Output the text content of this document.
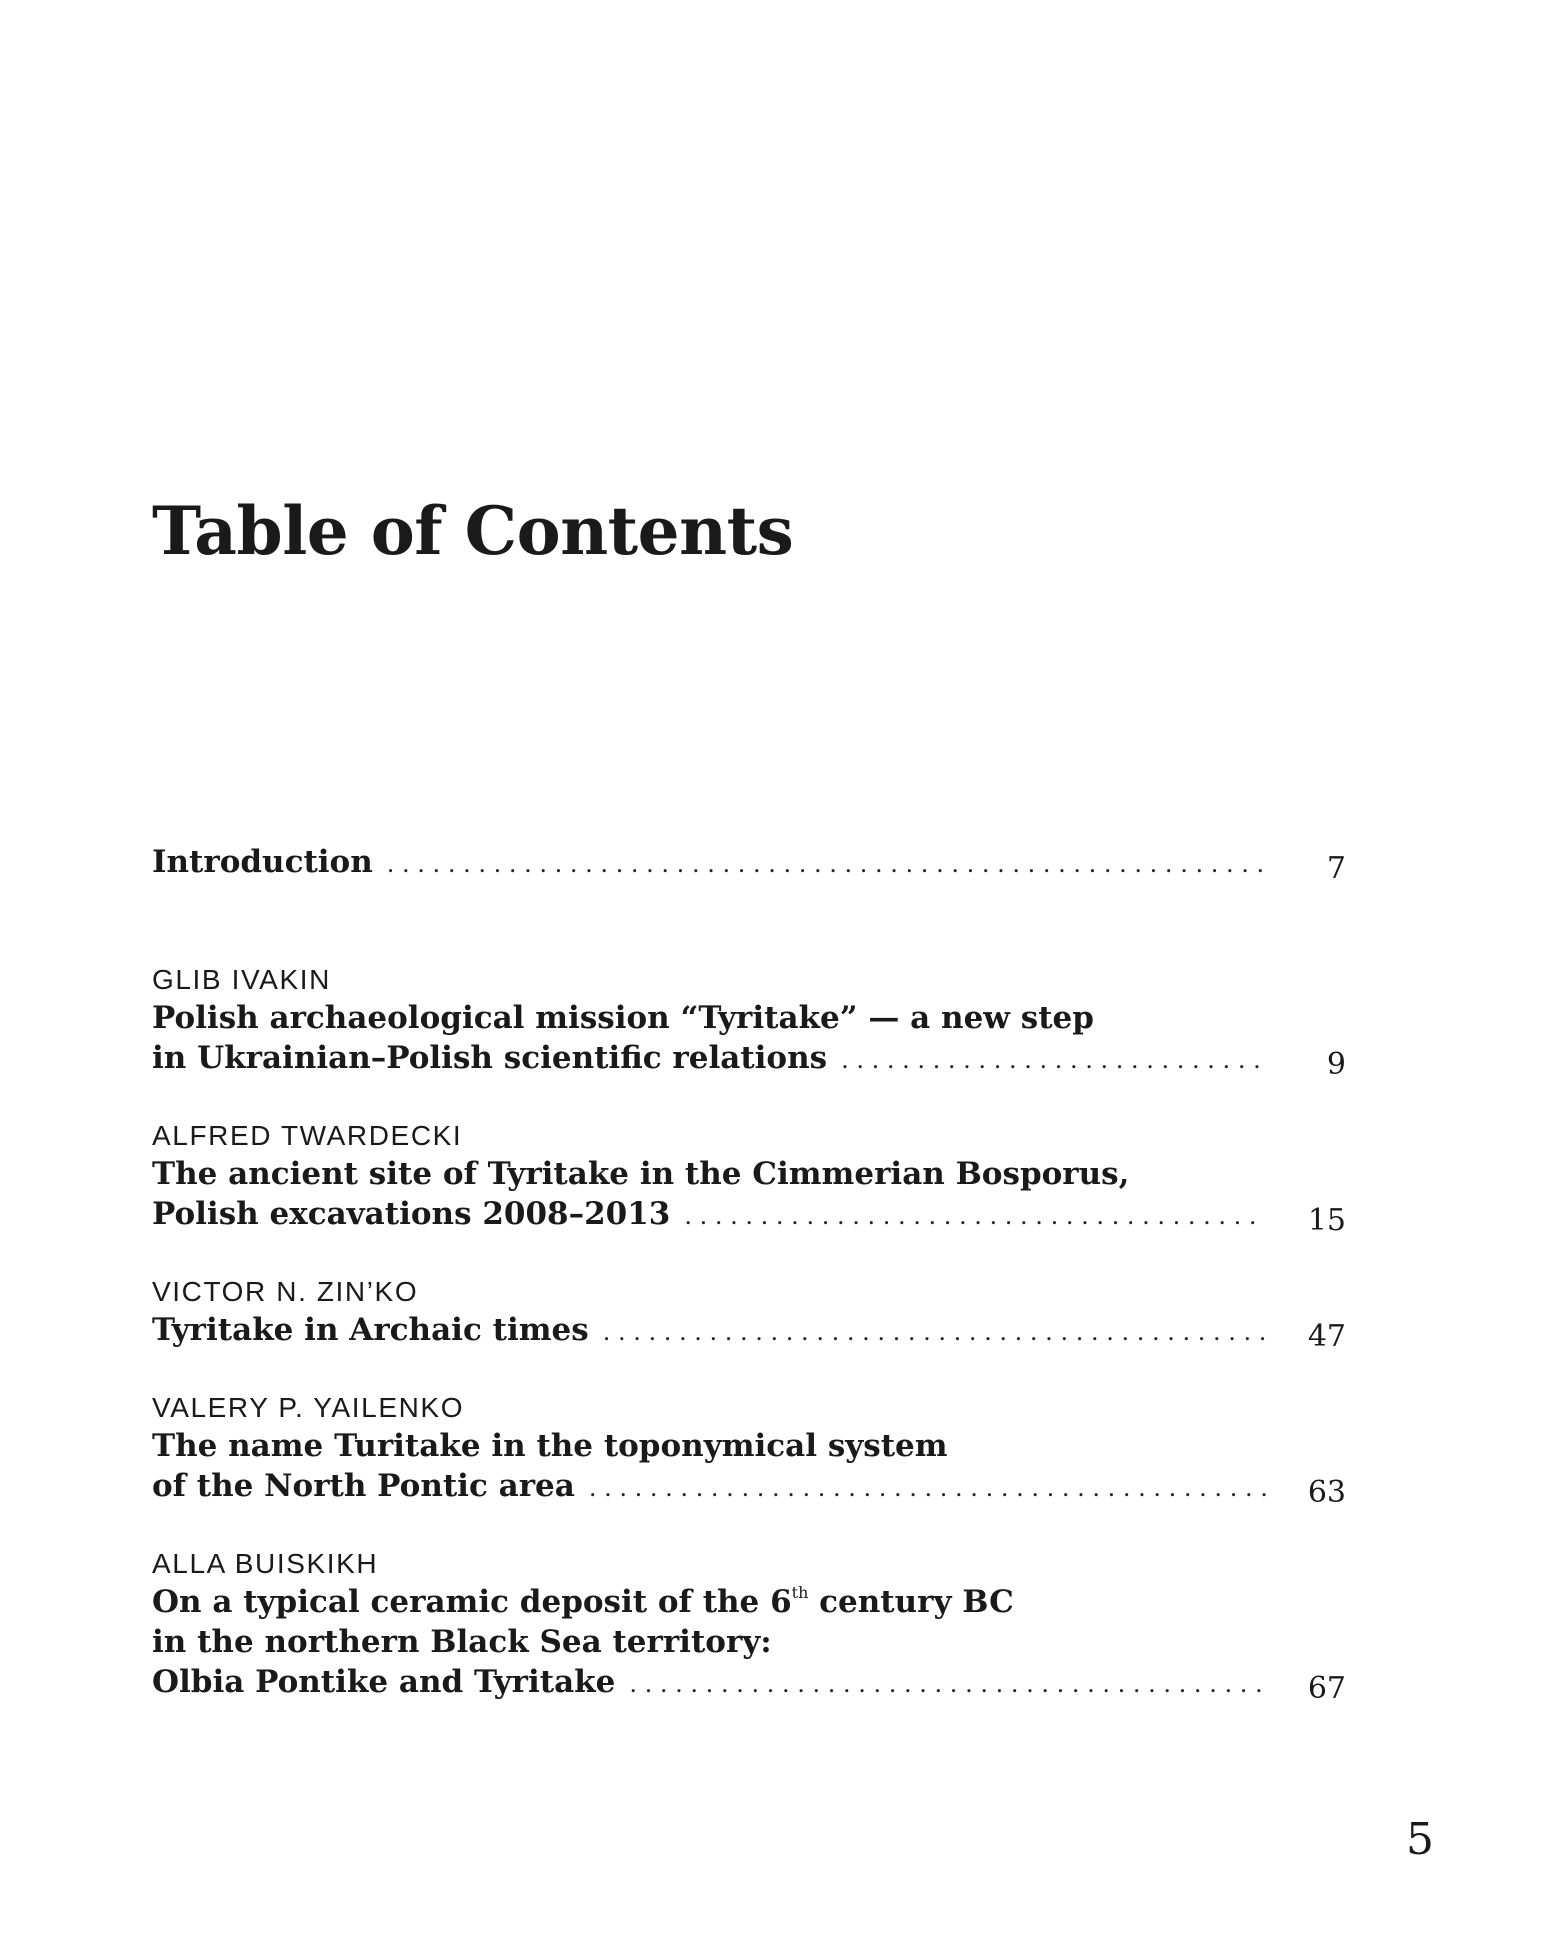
Table of Contents
Introduction . . .	7
GLIB IVAKIN
Polish archaeological mission “Tyritake” — a new step
in Ukrainian–Polish scientific relations . . .	9
ALFRED TWARDECKI
The ancient site of Tyritake in the Cimmerian Bosporus,
Polish excavations 2008–2013 . . .	15
VICTOR N. ZIN’KO
Tyritake in Archaic times . . .	47
VALERY P. YAILENKO
The name Turitake in the toponymical system
of the North Pontic area . . .	63
ALLA BUISKIKH
On a typical ceramic deposit of the 6th century BC
in the northern Black Sea territory:
Olbia Pontike and Tyritake . . .	67
5
